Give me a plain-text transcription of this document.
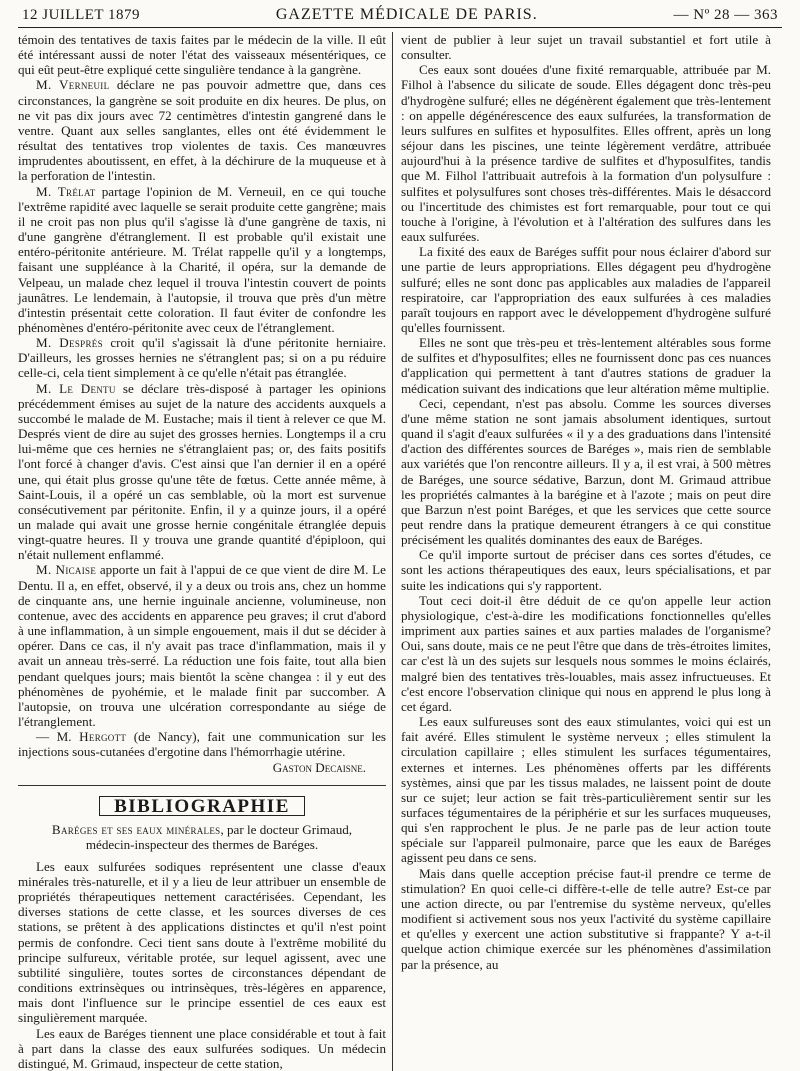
12 JUILLET 1879	GAZETTE MÉDICALE DE PARIS.	— Nº 28 — 363

témoin des tentatives de taxis faites par le médecin de la ville. Il eût été intéressant aussi de noter l'état des vaisseaux mésentériques, ce qui eût peut-être expliqué cette singulière tendance à la gangrène.

M. Verneuil déclare ne pas pouvoir admettre que, dans ces circonstances, la gangrène se soit produite en dix heures. De plus, on ne vit pas dix jours avec 72 centimètres d'intestin gangrené dans le ventre. Quant aux selles sanglantes, elles ont été évidemment le résultat des tentatives trop violentes de taxis. Ces manœuvres imprudentes aboutissent, en effet, à la déchirure de la muqueuse et à la perforation de l'intestin.

M. Trélat partage l'opinion de M. Verneuil, en ce qui touche l'extrême rapidité avec laquelle se serait produite cette gangrène; mais il ne croit pas non plus qu'il s'agisse là d'une gangrène de taxis, ni d'une gangrène d'étranglement. Il est probable qu'il existait une entéro-péritonite antérieure. M. Trélat rappelle qu'il y a longtemps, faisant une suppléance à la Charité, il opéra, sur la demande de Velpeau, un malade chez lequel il trouva l'intestin couvert de points jaunâtres. Le lendemain, à l'autopsie, il trouva que près d'un mètre d'intestin présentait cette coloration. Il faut éviter de confondre les phénomènes d'entéro-péritonite avec ceux de l'étranglement.

M. Després croit qu'il s'agissait là d'une péritonite herniaire. D'ailleurs, les grosses hernies ne s'étranglent pas; si on a pu réduire celle-ci, cela tient simplement à ce qu'elle n'était pas étranglée.

M. Le Dentu se déclare très-disposé à partager les opinions précédemment émises au sujet de la nature des accidents auxquels a succombé le malade de M. Eustache; mais il tient à relever ce que M. Després vient de dire au sujet des grosses hernies. Longtemps il a cru lui-même que ces hernies ne s'étranglaient pas; or, des faits positifs l'ont forcé à changer d'avis. C'est ainsi que l'an dernier il en a opéré une, qui était plus grosse qu'une tête de fœtus. Cette année même, à Saint-Louis, il a opéré un cas semblable, où la mort est survenue consécutivement par péritonite. Enfin, il y a quinze jours, il a opéré un malade qui avait une grosse hernie congénitale étranglée depuis vingt-quatre heures. Il y trouva une grande quantité d'épiploon, qui n'était nullement enflammé.

M. Nicaise apporte un fait à l'appui de ce que vient de dire M. Le Dentu. Il a, en effet, observé, il y a deux ou trois ans, chez un homme de cinquante ans, une hernie inguinale ancienne, volumineuse, non contenue, avec des accidents en apparence peu graves; il crut d'abord à une inflammation, à un simple engouement, mais il dut se décider à opérer. Dans ce cas, il n'y avait pas trace d'inflammation, mais il y avait un anneau très-serré. La réduction une fois faite, tout alla bien pendant quelques jours; mais bientôt la scène changea : il y eut des phénomènes de pyohémie, et le malade finit par succomber. A l'autopsie, on trouva une ulcération correspondante au siége de l'étranglement.

— M. Hergott (de Nancy), fait une communication sur les injections sous-cutanées d'ergotine dans l'hémorrhagie utérine.

Gaston Decaisne.

BIBLIOGRAPHIE

Baréges et ses eaux minérales, par le docteur Grimaud,
médecin-inspecteur des thermes de Baréges.

Les eaux sulfurées sodiques représentent une classe d'eaux minérales très-naturelle, et il y a lieu de leur attribuer un ensemble de propriétés thérapeutiques nettement caractérisées. Cependant, les diverses stations de cette classe, et les sources diverses de ces stations, se prêtent à des applications distinctes et qu'il n'est point permis de confondre. Ceci tient sans doute à l'extrême mobilité du principe sulfureux, véritable protée, sur lequel agissent, avec une subtilité singulière, toutes sortes de circonstances dépendant de conditions extrinsèques ou intrinsèques, très-légères en apparence, mais dont l'influence sur le principe essentiel de ces eaux est singulièrement marquée.

Les eaux de Baréges tiennent une place considérable et tout à fait à part dans la classe des eaux sulfurées sodiques. Un médecin distingué, M. Grimaud, inspecteur de cette station,

vient de publier à leur sujet un travail substantiel et fort utile à consulter.

Ces eaux sont douées d'une fixité remarquable, attribuée par M. Filhol à l'absence du silicate de soude. Elles dégagent donc très-peu d'hydrogène sulfuré; elles ne dégénèrent également que très-lentement : on appelle dégénérescence des eaux sulfurées, la transformation de leurs sulfures en sulfites et hyposulfites. Elles offrent, après un long séjour dans les piscines, une teinte légèrement verdâtre, attribuée aujourd'hui à la présence tardive de sulfites et d'hyposulfites, tandis que M. Filhol l'attribuait autrefois à la formation d'un polysulfure : sulfites et polysulfures sont choses très-différentes. Mais le désaccord ou l'incertitude des chimistes est fort remarquable, pour tout ce qui touche à l'origine, à l'évolution et à l'altération des sulfures dans les eaux sulfurées.

La fixité des eaux de Baréges suffit pour nous éclairer d'abord sur une partie de leurs appropriations. Elles dégagent peu d'hydrogène sulfuré; elles ne sont donc pas applicables aux maladies de l'appareil respiratoire, car l'appropriation des eaux sulfurées à ces maladies paraît toujours en rapport avec le développement d'hydrogène sulfuré qu'elles fournissent.

Elles ne sont que très-peu et très-lentement altérables sous forme de sulfites et d'hyposulfites; elles ne fournissent donc pas ces nuances d'application qui permettent à tant d'autres stations de graduer la médication suivant des indications que leur altération même multiplie.

Ceci, cependant, n'est pas absolu. Comme les sources diverses d'une même station ne sont jamais absolument identiques, surtout quand il s'agit d'eaux sulfurées « il y a des graduations dans l'intensité d'action des différentes sources de Baréges », mais rien de semblable aux variétés que l'on rencontre ailleurs. Il y a, il est vrai, à 500 mètres de Baréges, une source sédative, Barzun, dont M. Grimaud attribue les propriétés calmantes à la barégine et à l'azote ; mais on peut dire que Barzun n'est point Baréges, et que les services que cette source peut rendre dans la pratique demeurent étrangers à ce qui constitue précisément les qualités dominantes des eaux de Baréges.

Ce qu'il importe surtout de préciser dans ces sortes d'études, ce sont les actions thérapeutiques des eaux, leurs spécialisations, et par suite les indications qui s'y rapportent.

Tout ceci doit-il être déduit de ce qu'on appelle leur action physiologique, c'est-à-dire les modifications fonctionnelles qu'elles impriment aux parties saines et aux parties malades de l'organisme? Oui, sans doute, mais ce ne peut l'être que dans de très-étroites limites, car c'est là un des sujets sur lesquels nous sommes le moins éclairés, malgré bien des tentatives très-louables, mais assez infructueuses. Et c'est encore l'observation clinique qui nous en apprend le plus long à cet égard.

Les eaux sulfureuses sont des eaux stimulantes, voici qui est un fait avéré. Elles stimulent le système nerveux ; elles stimulent la circulation capillaire ; elles stimulent les surfaces tégumentaires, externes et internes. Les phénomènes offerts par les différents systèmes, ainsi que par les tissus malades, ne laissent point de doute sur ce sujet; leur action se fait très-particulièrement sentir sur les surfaces tégumentaires de la périphérie et sur les surfaces muqueuses, qui s'en rapprochent le plus. Je ne parle pas de leur action toute spéciale sur l'appareil pulmonaire, parce que les eaux de Baréges agissent peu dans ce sens.

Mais dans quelle acception précise faut-il prendre ce terme de stimulation? En quoi celle-ci diffère-t-elle de telle autre? Est-ce par une action directe, ou par l'entremise du système nerveux, qu'elles modifient si activement sous nos yeux l'activité du système capillaire et qu'elles y exercent une action substitutive si frappante? Y a-t-il quelque action chimique exercée sur les phénomènes d'assimilation par la présence, au
